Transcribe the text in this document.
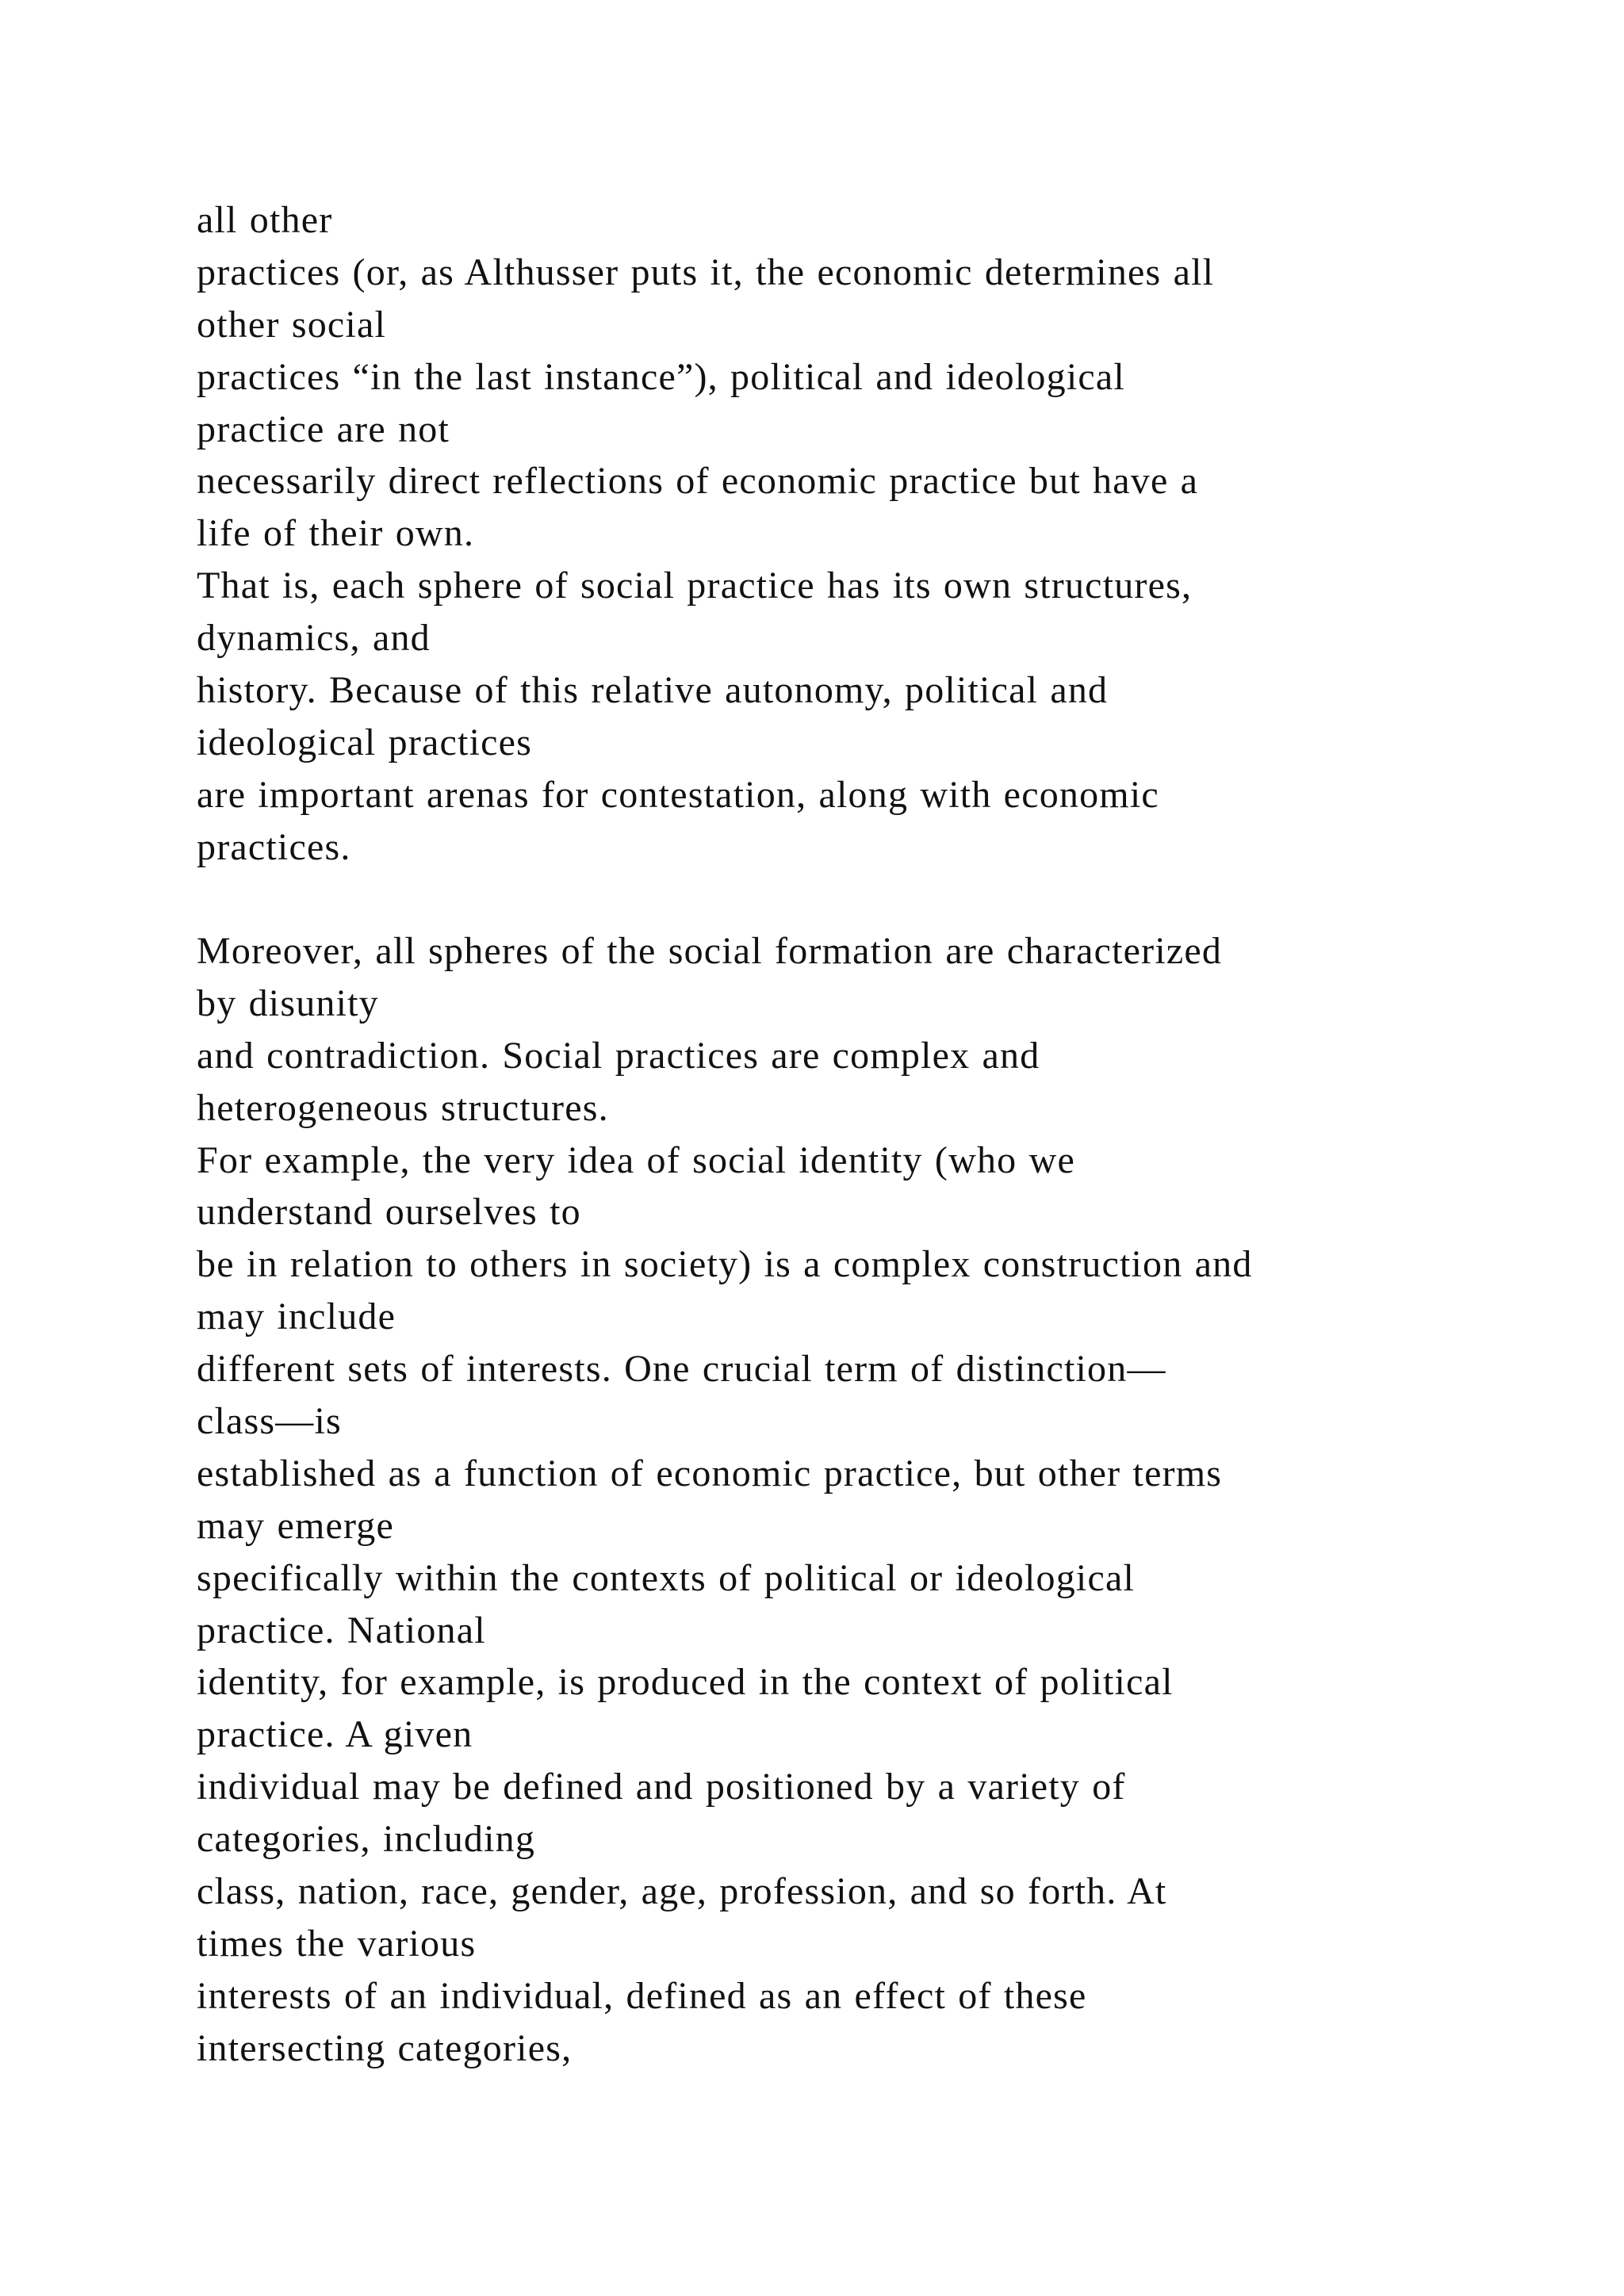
all other
practices (or, as Althusser puts it, the economic determines all
other social
practices “in the last instance”), political and ideological
practice are not
necessarily direct reflections of economic practice but have a
life of their own.
That is, each sphere of social practice has its own structures,
dynamics, and
history. Because of this relative autonomy, political and
ideological practices
are important arenas for contestation, along with economic
practices.
Moreover, all spheres of the social formation are characterized
by disunity
and contradiction. Social practices are complex and
heterogeneous structures.
For example, the very idea of social identity (who we
understand ourselves to
be in relation to others in society) is a complex construction and
may include
different sets of interests. One crucial term of distinction—
class—is
established as a function of economic practice, but other terms
may emerge
specifically within the contexts of political or ideological
practice. National
identity, for example, is produced in the context of political
practice. A given
individual may be defined and positioned by a variety of
categories, including
class, nation, race, gender, age, profession, and so forth. At
times the various
interests of an individual, defined as an effect of these
intersecting categories,
